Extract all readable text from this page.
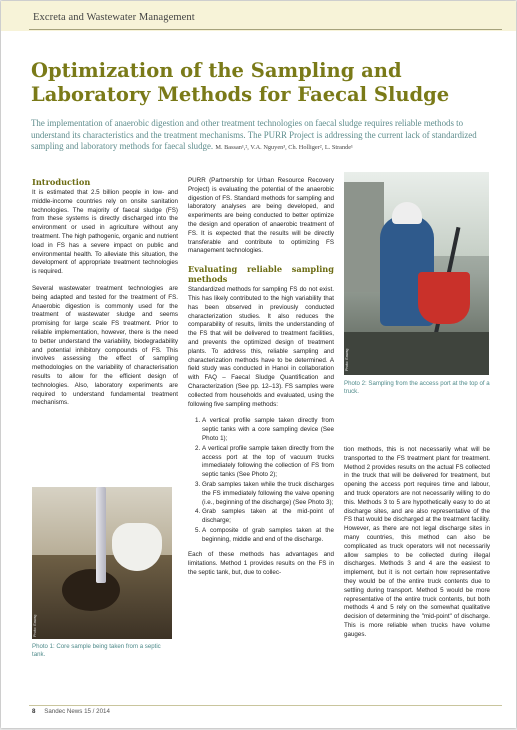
Excreta and Wastewater Management
Optimization of the Sampling and
Laboratory Methods for Faecal Sludge

The implementation of anaerobic digestion and other treatment technologies on faecal sludge requires reliable methods to understand its characteristics and the treatment mechanisms. The PURR Project is addressing the current lack of standardized sampling and laboratory methods for faecal sludge. M. Bassan¹,², V.A. Nguyen³, Ch. Holliger², L. Strande¹

Introduction

It is estimated that 2.5 billion people in low- and middle-income countries rely on onsite sanitation technologies. The majority of faecal sludge (FS) from these systems is directly discharged into the environment or used in agriculture without any treatment. The high pathogenic, organic and nutrient load in FS has a severe impact on public and environmental health. To alleviate this situation, the development of appropriate treatment technologies is required.

Several wastewater treatment technologies are being adapted and tested for the treatment of FS. Anaerobic digestion is commonly used for the treatment of wastewater sludge and seems promising for large scale FS treatment. Prior to reliable implementation, however, there is the need to better understand the variability, biodegradability and potential inhibitory compounds of FS. This involves assessing the effect of sampling methodologies on the variability of characterisation results to allow for the efficient design of technologies. Also, laboratory experiments are required to understand fundamental treatment mechanisms.

PURR (Partnership for Urban Resource Recovery Project) is evaluating the potential of the anaerobic digestion of FS. Standard methods for sampling and laboratory analyses are being developed, and experiments are being conducted to better optimize the design and operation of anaerobic treatment of FS. It is expected that the results will be directly transferable and contribute to optimizing FS management technologies.

Evaluating reliable sampling methods

Standardized methods for sampling FS do not exist. This has likely contributed to the high variability that has been observed in previously conducted characterization studies. It also reduces the comparability of results, limits the understanding of the FS that will be delivered to treatment facilities, and prevents the optimized design of treatment plants. To address this, reliable sampling and characterization methods have to be determined. A field study was conducted in Hanoi in collaboration with FAQ – Faecal Sludge Quantification and Characterization (See pp. 12–13). FS samples were collected from households and evaluated, using the following five sampling methods:

1. A vertical profile sample taken directly from septic tanks with a core sampling device (See Photo 1);
2. A vertical profile sample taken directly from the access port at the top of vacuum trucks immediately following the collection of FS from septic tanks (See Photo 2);
3. Grab samples taken while the truck discharges the FS immediately following the valve opening (i.e., beginning of the discharge) (See Photo 3);
4. Grab samples taken at the mid-point of discharge;
5. A composite of grab samples taken at the beginning, middle and end of the discharge.

Each of these methods has advantages and limitations. Method 1 provides results on the FS in the septic tank, but, due to collec-

tion methods, this is not necessarily what will be transported to the FS treatment plant for treatment. Method 2 provides results on the actual FS collected in the truck that will be delivered for treatment, but opening the access port requires time and labour, and truck operators are not necessarily willing to do this. Methods 3 to 5 are hypothetically easy to do at discharge sites, and are also representative of the FS that would be discharged at the treatment facility. However, as there are not legal discharge sites in many countries, this method can also be complicated as truck operators will not necessarily allow samples to be collected during illegal discharges. Methods 3 and 4 are the easiest to implement, but it is not certain how representative they would be of the entire truck contents due to settling during transport. Method 5 would be more representative of the entire truck contents, but both methods 4 and 5 rely on the somewhat qualitative decision of determining the "mid-point" of discharge. This is more reliable when trucks have volume gauges.

Photo: Eawag
Photo 2: Sampling from the access port at the top of a truck.
Photo: Eawag
Photo 1: Core sample being taken from a septic tank.
8 Sandec News 15 / 2014
